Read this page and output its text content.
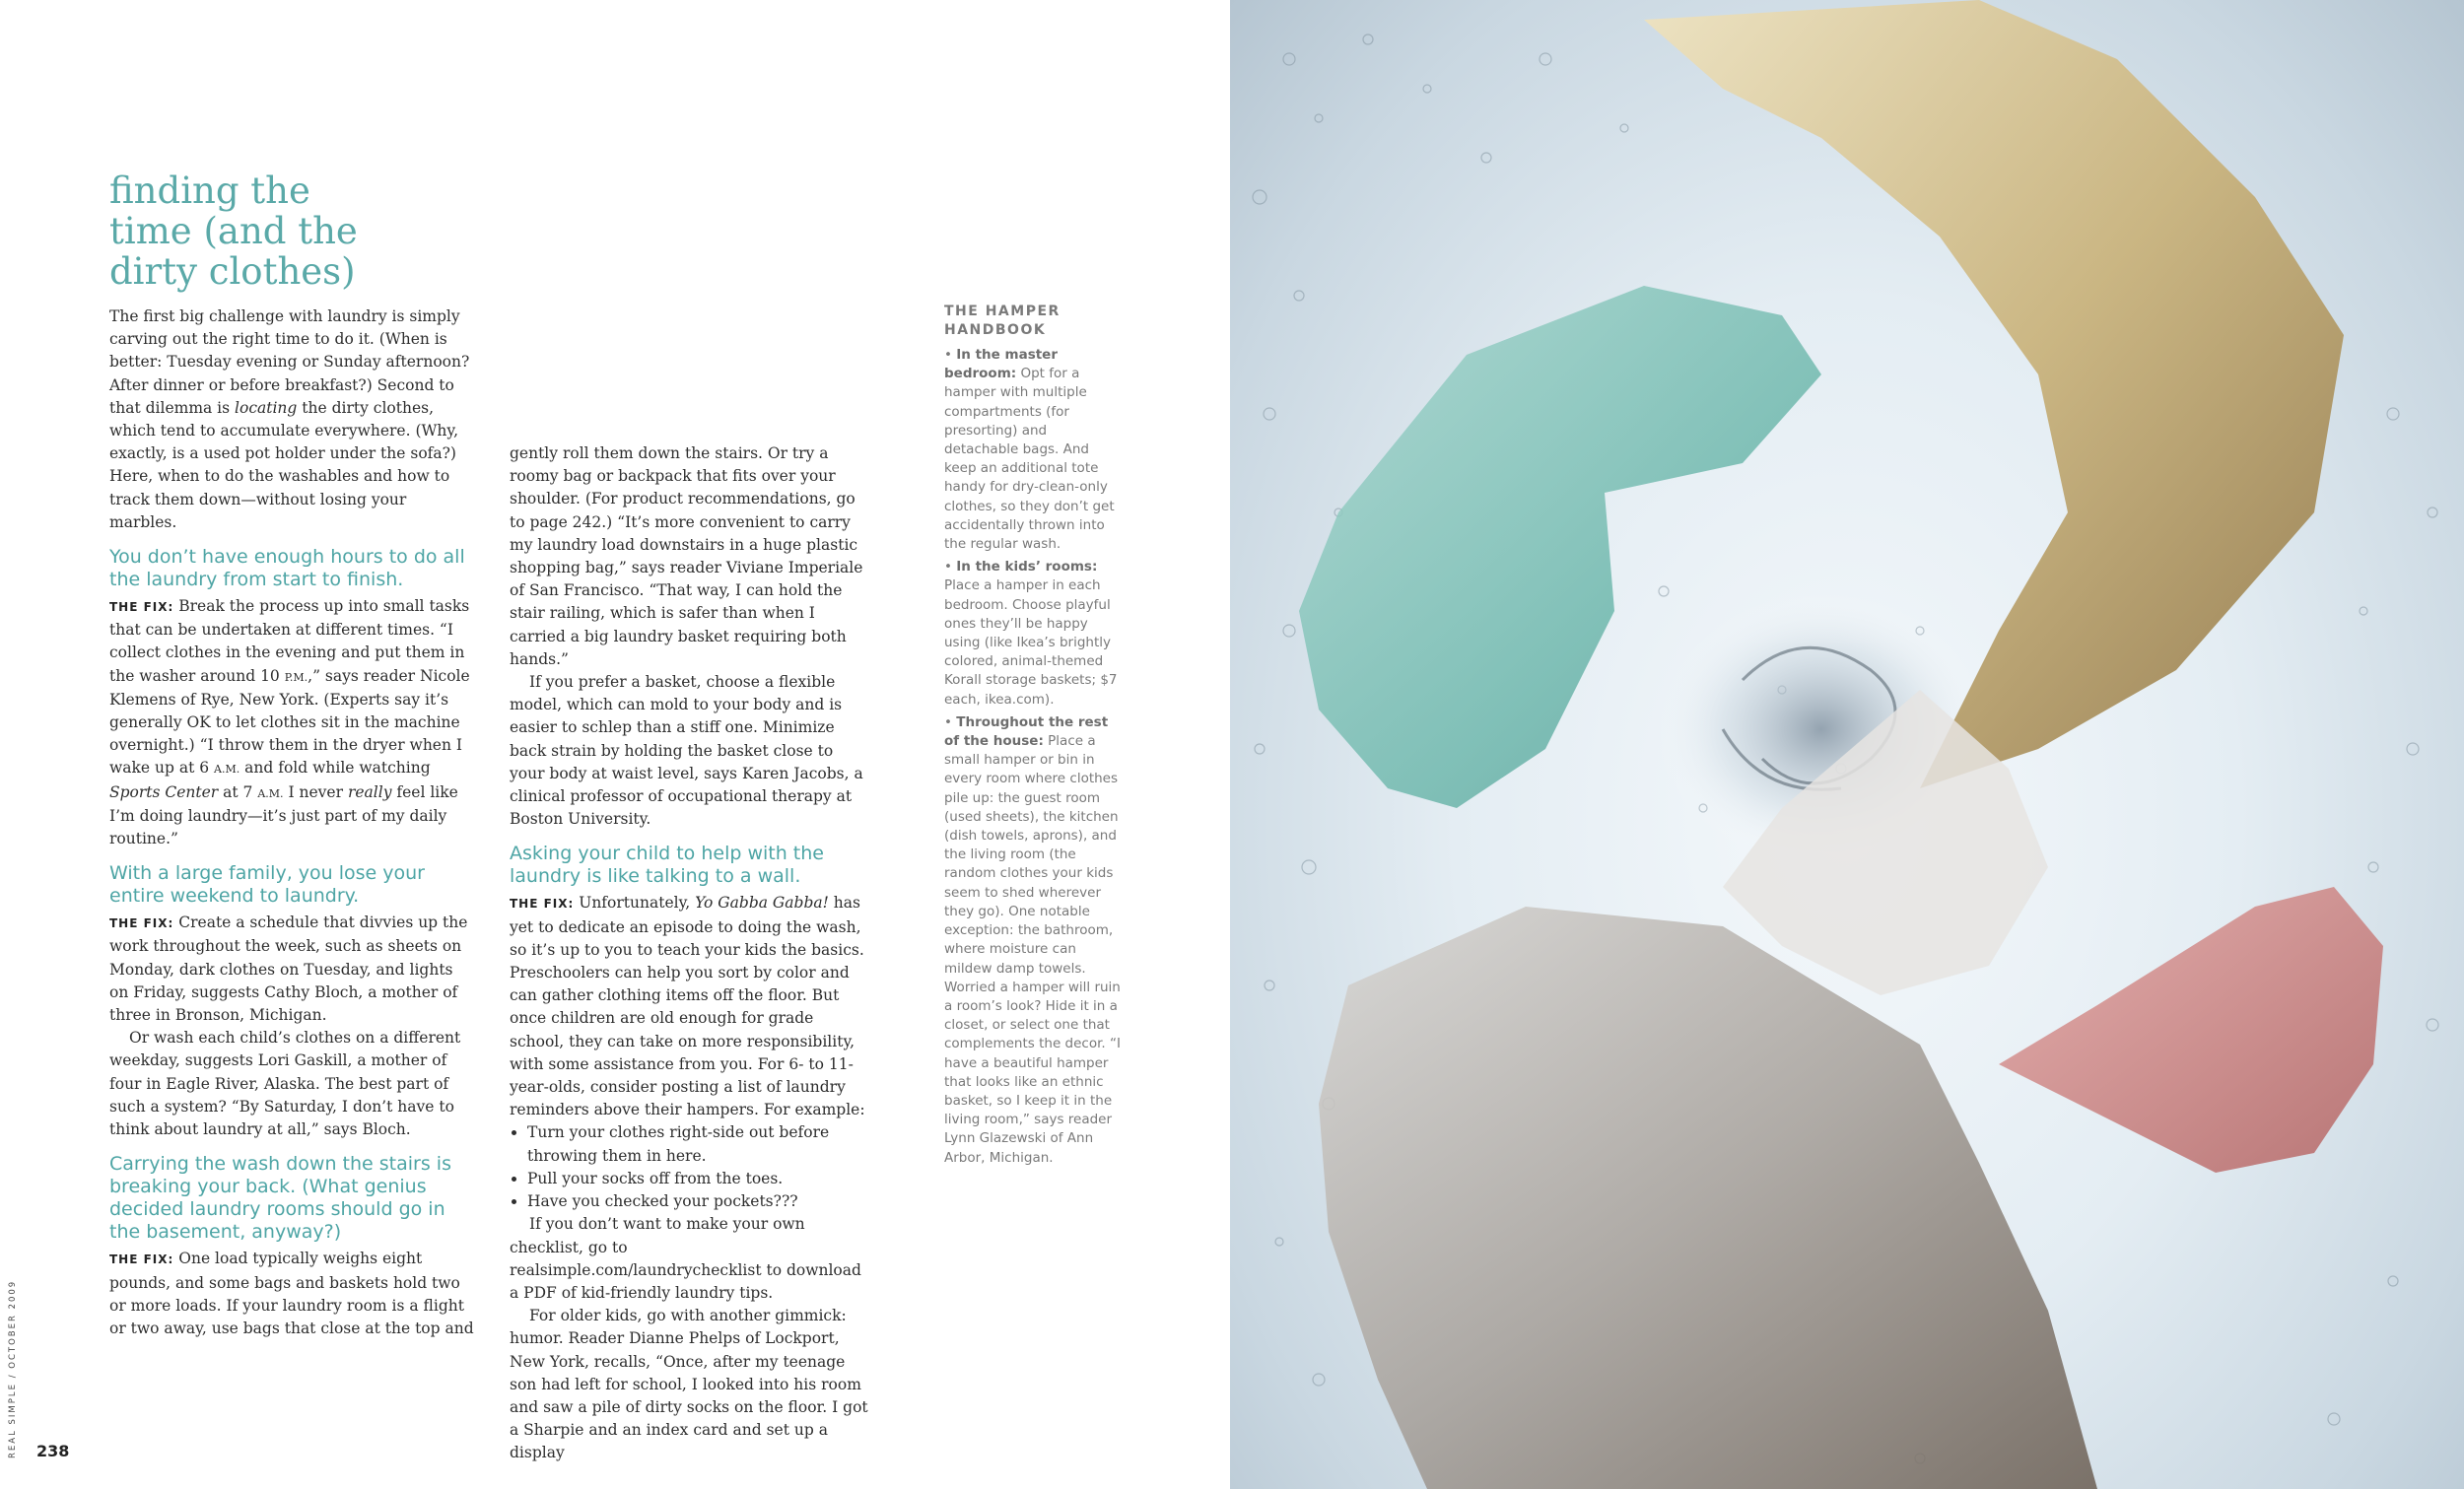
finding the
time (and the
dirty clothes)

The first big challenge with laundry is simply carving out the right time to do it. (When is better: Tuesday evening or Sunday afternoon? After dinner or before breakfast?) Second to that dilemma is locating the dirty clothes, which tend to accumulate everywhere. (Why, exactly, is a used pot holder under the sofa?) Here, when to do the washables and how to track them down—without losing your marbles.

You don’t have enough hours to do all the laundry from start to finish.

THE FIX: Break the process up into small tasks that can be undertaken at different times. “I collect clothes in the evening and put them in the washer around 10 P.M.,” says reader Nicole Klemens of Rye, New York. (Experts say it’s generally OK to let clothes sit in the machine overnight.) “I throw them in the dryer when I wake up at 6 A.M. and fold while watching Sports Center at 7 A.M. I never really feel like I’m doing laundry—it’s just part of my daily routine.”

With a large family, you lose your entire weekend to laundry.

THE FIX: Create a schedule that divvies up the work throughout the week, such as sheets on Monday, dark clothes on Tuesday, and lights on Friday, suggests Cathy Bloch, a mother of three in Bronson, Michigan.

Or wash each child’s clothes on a different weekday, suggests Lori Gaskill, a mother of four in Eagle River, Alaska. The best part of such a system? “By Saturday, I don’t have to think about laundry at all,” says Bloch.

Carrying the wash down the stairs is breaking your back. (What genius decided laundry rooms should go in the basement, anyway?)

THE FIX: One load typically weighs eight pounds, and some bags and baskets hold two or more loads. If your laundry room is a flight or two away, use bags that close at the top and

gently roll them down the stairs. Or try a roomy bag or backpack that fits over your shoulder. (For product recommendations, go to page 242.) “It’s more convenient to carry my laundry load downstairs in a huge plastic shopping bag,” says reader Viviane Imperiale of San Francisco. “That way, I can hold the stair railing, which is safer than when I carried a big laundry basket requiring both hands.”

If you prefer a basket, choose a flexible model, which can mold to your body and is easier to schlep than a stiff one. Minimize back strain by holding the basket close to your body at waist level, says Karen Jacobs, a clinical professor of occupational therapy at Boston University.

Asking your child to help with the laundry is like talking to a wall.

THE FIX: Unfortunately, Yo Gabba Gabba! has yet to dedicate an episode to doing the wash, so it’s up to you to teach your kids the basics. Preschoolers can help you sort by color and can gather clothing items off the floor. But once children are old enough for grade school, they can take on more responsibility, with some assistance from you. For 6- to 11-year-olds, consider posting a list of laundry reminders above their hampers. For example:

• Turn your clothes right-side out before throwing them in here.
• Pull your socks off from the toes.
• Have you checked your pockets???

If you don’t want to make your own checklist, go to realsimple.com/laundrychecklist to download a PDF of kid-friendly laundry tips.

For older kids, go with another gimmick: humor. Reader Dianne Phelps of Lockport, New York, recalls, “Once, after my teenage son had left for school, I looked into his room and saw a pile of dirty socks on the floor. I got a Sharpie and an index card and set up a display

THE HAMPER
HANDBOOK
• In the master bedroom: Opt for a hamper with multiple compartments (for presorting) and detachable bags. And keep an additional tote handy for dry-clean-only clothes, so they don’t get accidentally thrown into the regular wash.
• In the kids’ rooms: Place a hamper in each bedroom. Choose playful ones they’ll be happy using (like Ikea’s brightly colored, animal-themed Korall storage baskets; $7 each, ikea.com).
• Throughout the rest of the house: Place a small hamper or bin in every room where clothes pile up: the guest room (used sheets), the kitchen (dish towels, aprons), and the living room (the random clothes your kids seem to shed wherever they go). One notable exception: the bathroom, where moisture can mildew damp towels. Worried a hamper will ruin a room’s look? Hide it in a closet, or select one that complements the decor. “I have a beautiful hamper that looks like an ethnic basket, so I keep it in the living room,” says reader Lynn Glazewski of Ann Arbor, Michigan.
REAL SIMPLE / OCTOBER 2009 238
